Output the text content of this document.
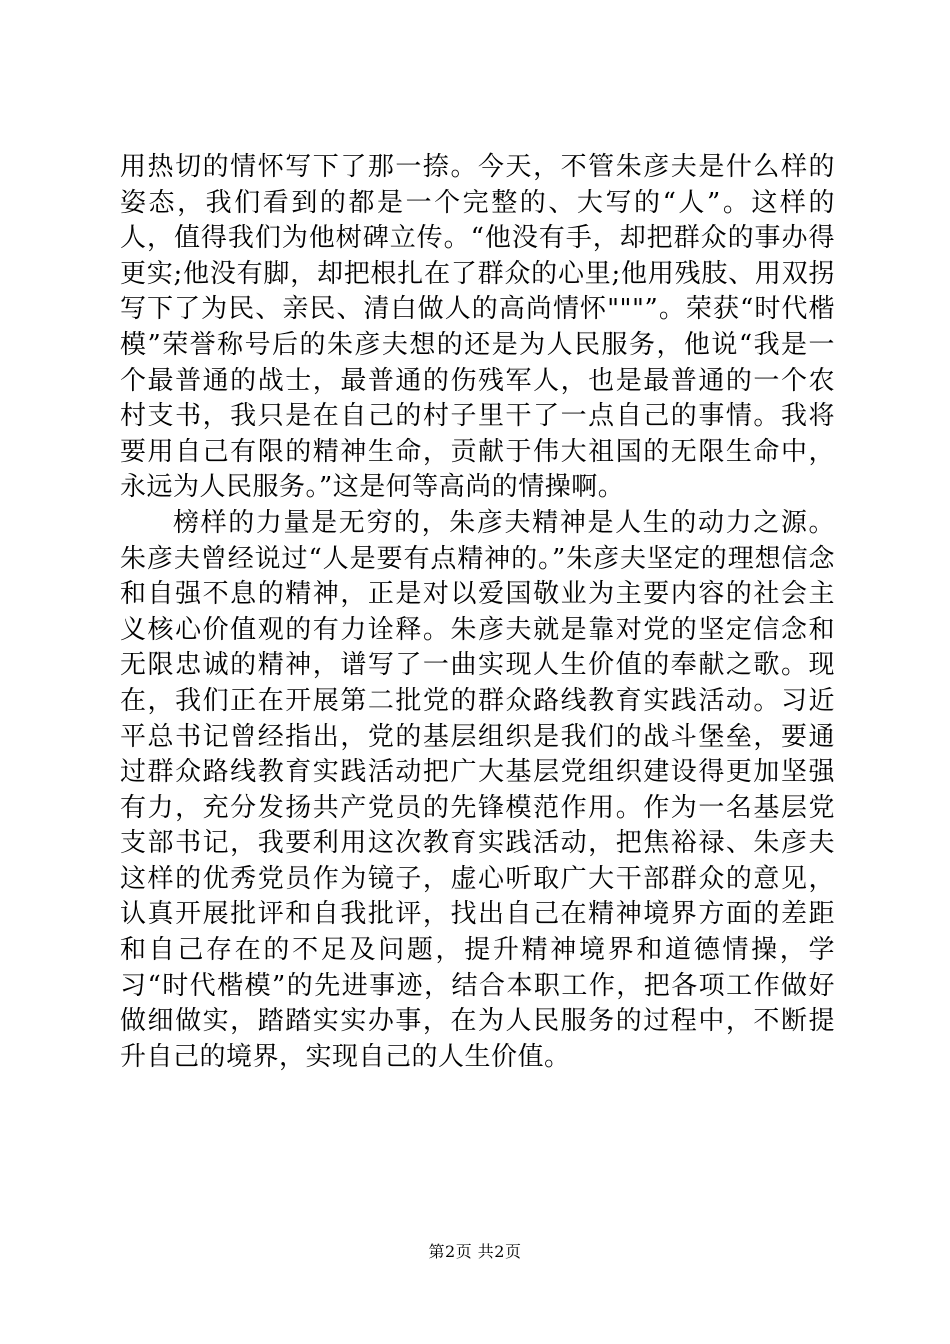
用热切的情怀写下了那一捺。今天，不管朱彦夫是什么样的姿态，我们看到的都是一个完整的、大写的“人”。这样的人，值得我们为他树碑立传。“他没有手，却把群众的事办得更实;他没有脚，却把根扎在了群众的心里;他用残肢、用双拐写下了为民、亲民、清白做人的高尚情怀"""”。荣获“时代楷模”荣誉称号后的朱彦夫想的还是为人民服务，他说“我是一个最普通的战士，最普通的伤残军人，也是最普通的一个农村支书，我只是在自己的村子里干了一点自己的事情。我将要用自己有限的精神生命，贡献于伟大祖国的无限生命中，永远为人民服务。”这是何等高尚的情操啊。

榜样的力量是无穷的，朱彦夫精神是人生的动力之源。朱彦夫曾经说过“人是要有点精神的。”朱彦夫坚定的理想信念和自强不息的精神，正是对以爱国敬业为主要内容的社会主义核心价值观的有力诠释。朱彦夫就是靠对党的坚定信念和无限忠诚的精神，谱写了一曲实现人生价值的奉献之歌。现在，我们正在开展第二批党的群众路线教育实践活动。习近平总书记曾经指出，党的基层组织是我们的战斗堡垒，要通过群众路线教育实践活动把广大基层党组织建设得更加坚强有力，充分发扬共产党员的先锋模范作用。作为一名基层党支部书记，我要利用这次教育实践活动，把焦裕禄、朱彦夫这样的优秀党员作为镜子，虚心听取广大干部群众的意见，认真开展批评和自我批评，找出自己在精神境界方面的差距和自己存在的不足及问题，提升精神境界和道德情操，学习“时代楷模”的先进事迹，结合本职工作，把各项工作做好做细做实，踏踏实实办事，在为人民服务的过程中，不断提升自己的境界，实现自己的人生价值。

第2页 共2页
